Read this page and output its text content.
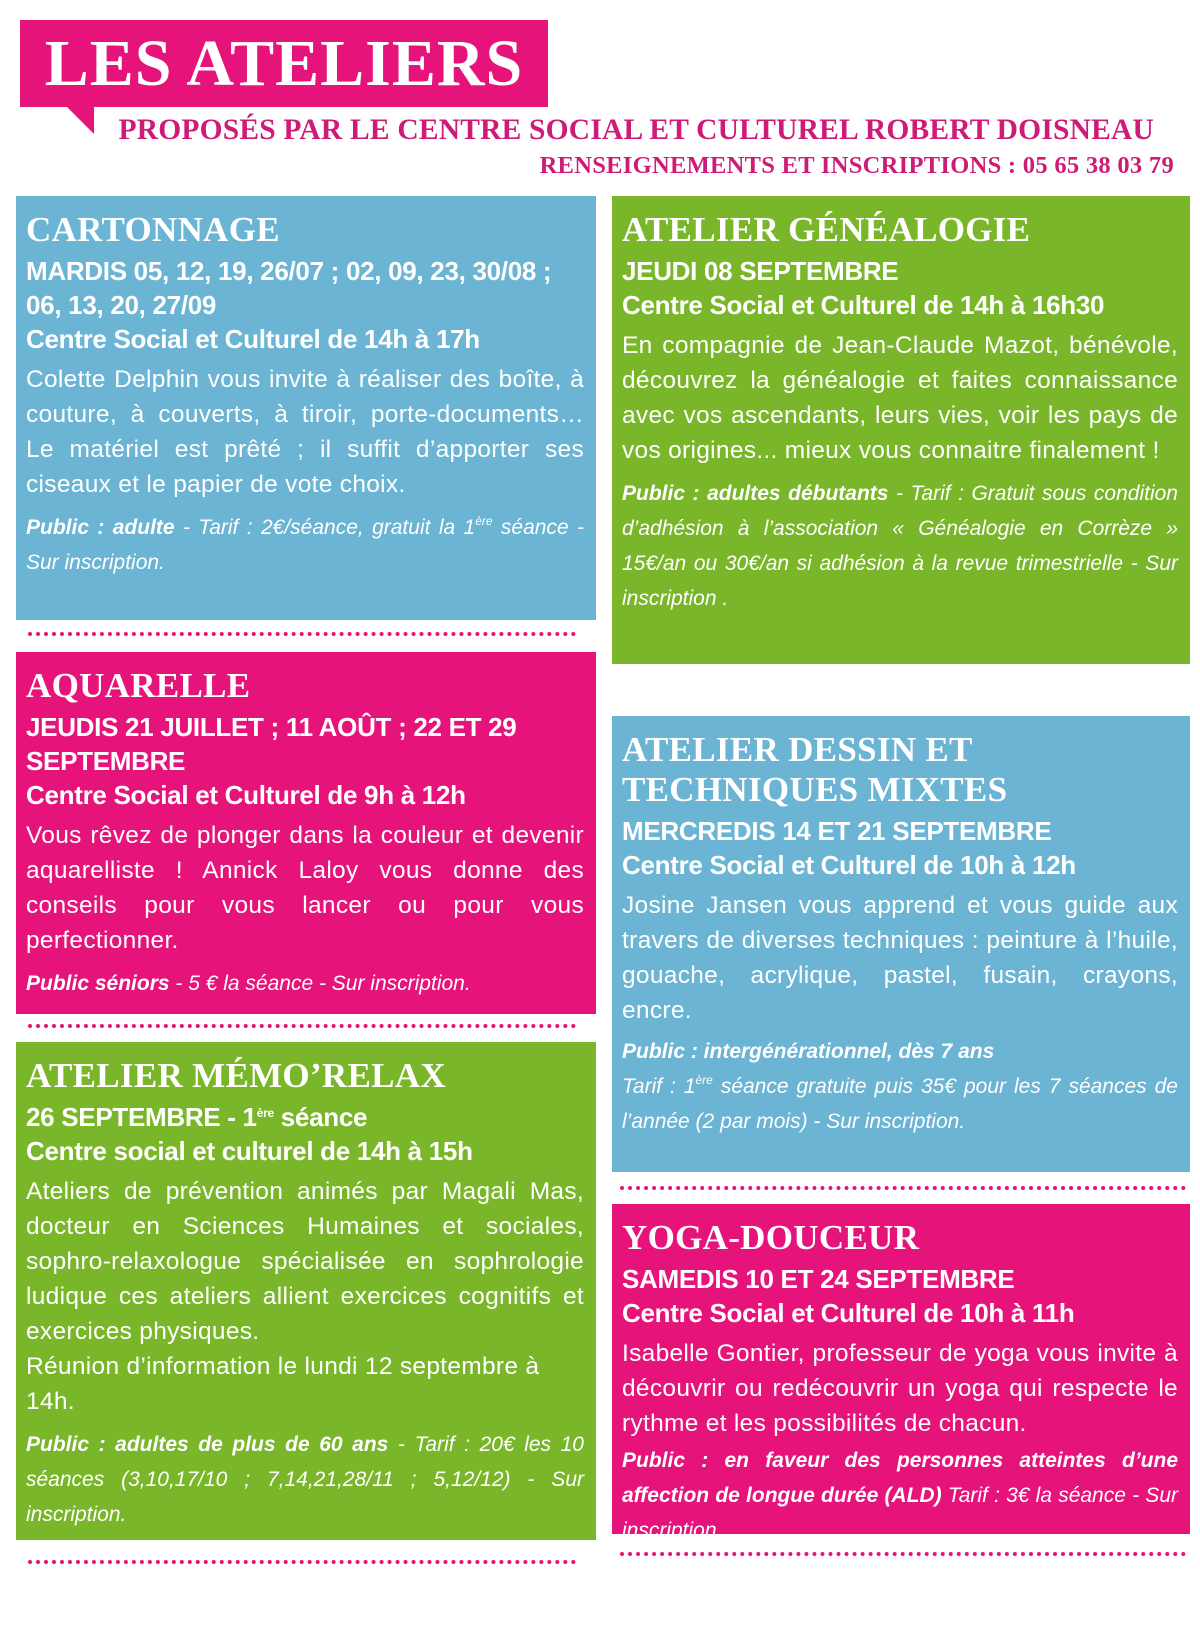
LES ATELIERS

PROPOSÉS PAR LE CENTRE SOCIAL ET CULTUREL ROBERT DOISNEAU

RENSEIGNEMENTS ET INSCRIPTIONS : 05 65 38 03 79

CARTONNAGE

MARDIS 05, 12, 19, 26/07 ; 02, 09, 23, 30/08 ; 06, 13, 20, 27/09

Centre Social et Culturel de 14h à 17h

Colette Delphin vous invite à réaliser des boîte, à couture, à couverts, à tiroir, porte-documents… Le matériel est prêté ; il suffit d’apporter ses ciseaux et le papier de vote choix.

Public : adulte - Tarif : 2€/séance, gratuit la 1ère séance - Sur inscription.

AQUARELLE

JEUDIS 21 JUILLET ; 11 AOÛT ; 22 ET 29 SEPTEMBRE

Centre Social et Culturel de 9h à 12h

Vous rêvez de plonger dans la couleur et devenir aquarelliste ! Annick Laloy vous donne des conseils pour vous lancer ou pour vous perfectionner.

Public séniors - 5 € la séance - Sur inscription.

ATELIER MÉMO’RELAX

26 SEPTEMBRE - 1ère séance

Centre social et culturel de 14h à 15h

Ateliers de prévention animés par Magali Mas, docteur en Sciences Humaines et sociales, sophro-relaxologue spécialisée en sophrologie ludique ces ateliers allient exercices cognitifs et exercices physiques.

Réunion d’information le lundi 12 septembre à 14h.

Public : adultes de plus de 60 ans - Tarif : 20€ les 10 séances (3,10,17/10 ; 7,14,21,28/11 ; 5,12/12) - Sur inscription.

ATELIER GÉNÉALOGIE

JEUDI 08 SEPTEMBRE

Centre Social et Culturel de 14h à 16h30

En compagnie de Jean-Claude Mazot, bénévole, découvrez la généalogie et faites connaissance avec vos ascendants, leurs vies, voir les pays de vos origines... mieux vous connaitre finalement !

Public : adultes débutants - Tarif : Gratuit sous condition d’adhésion à l’association « Généalogie en Corrèze » 15€/an ou 30€/an si adhésion à la revue trimestrielle - Sur inscription .

ATELIER DESSIN ET TECHNIQUES MIXTES

MERCREDIS 14 ET 21 SEPTEMBRE

Centre Social et Culturel de 10h à 12h

Josine Jansen vous apprend et vous guide aux travers de diverses techniques : peinture à l’huile, gouache, acrylique, pastel, fusain, crayons, encre.

Public : intergénérationnel, dès 7 ans
Tarif : 1ère séance gratuite puis 35€ pour les 7 séances de l’année (2 par mois) - Sur inscription.

YOGA-DOUCEUR

SAMEDIS 10 ET 24 SEPTEMBRE

Centre Social et Culturel de 10h à 11h

Isabelle Gontier, professeur de yoga vous invite à découvrir ou redécouvrir un yoga qui respecte le rythme et les possibilités de chacun.

Public : en faveur des personnes atteintes d’une affection de longue durée (ALD) Tarif : 3€ la séance - Sur inscription.
